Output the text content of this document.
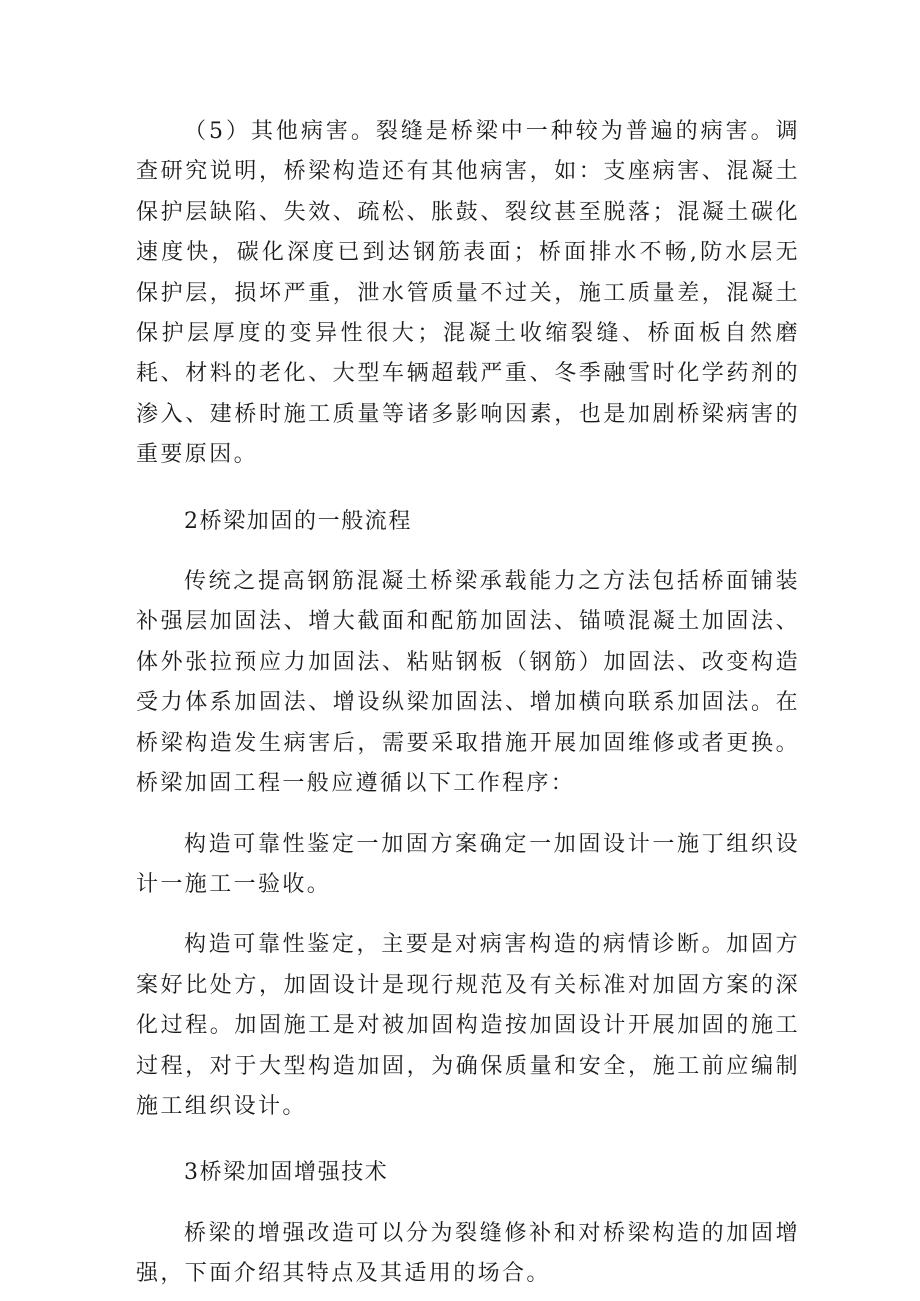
（5）其他病害。裂缝是桥梁中一种较为普遍的病害。调查研究说明，桥梁构造还有其他病害，如：支座病害、混凝土保护层缺陷、失效、疏松、胀鼓、裂纹甚至脱落；混凝土碳化速度快，碳化深度已到达钢筋表面；桥面排水不畅,防水层无保护层，损坏严重，泄水管质量不过关，施工质量差，混凝土保护层厚度的变异性很大；混凝土收缩裂缝、桥面板自然磨耗、材料的老化、大型车辆超载严重、冬季融雪时化学药剂的渗入、建桥时施工质量等诸多影响因素，也是加剧桥梁病害的重要原因。

2桥梁加固的一般流程

传统之提高钢筋混凝土桥梁承载能力之方法包括桥面铺装补强层加固法、增大截面和配筋加固法、锚喷混凝土加固法、体外张拉预应力加固法、粘贴钢板（钢筋）加固法、改变构造受力体系加固法、增设纵梁加固法、增加横向联系加固法。在桥梁构造发生病害后，需要采取措施开展加固维修或者更换。桥梁加固工程一般应遵循以下工作程序：

构造可靠性鉴定一加固方案确定一加固设计一施丁组织设计一施工一验收。

构造可靠性鉴定，主要是对病害构造的病情诊断。加固方案好比处方，加固设计是现行规范及有关标准对加固方案的深化过程。加固施工是对被加固构造按加固设计开展加固的施工过程，对于大型构造加固，为确保质量和安全，施工前应编制施工组织设计。

3桥梁加固增强技术

桥梁的增强改造可以分为裂缝修补和对桥梁构造的加固增强，下面介绍其特点及其适用的场合。
